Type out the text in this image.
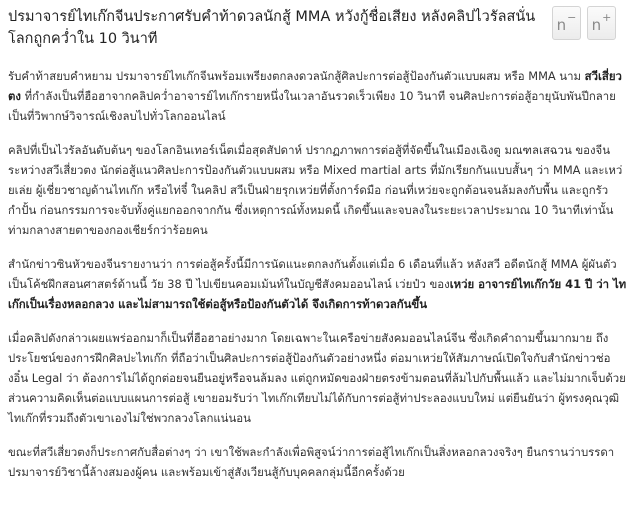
ปรมาจารย์ไทเก๊กจีนประกาศรับคำท้าดวลนักสู้ MMA หวังกู้ชื่อเสียง หลังคลิปไวรัลสนั่นโลกถูกคว่ำใน 10 วินาที
n − n +

รับคำท้าสยบคำหยาม ปรมาจารย์ไทเก๊กจีนพร้อมเพรียงตกลงดวลนักสู้ศิลปะการต่อสู้ป้องกันตัวแบบผสม หรือ MMA นาม สวีเสี่ยวตง ที่กำลังเป็นที่ฮือฮาจากคลิปคว่ำอาจารย์ไทเก๊กรายหนึ่งในเวลาอันรวดเร็วเพียง 10 วินาที จนศิลปะการต่อสู้อายุนับพันปีกลายเป็นที่วิพากษ์วิจารณ์เชิงลบไปทั่วโลกออนไลน์

คลิปที่เป็นไวรัลอันดับต้นๆ ของโลกอินเทอร์เน็ตเมื่อสุดสัปดาห์ ปรากฏภาพการต่อสู้ที่จัดขึ้นในเมืองเฉิงตู มณฑลเสฉวน ของจีน ระหว่างสวีเสี่ยวตง นักต่อสู้แนวศิลปะการป้องกันตัวแบบผสม หรือ Mixed martial arts ที่มักเรียกกันแบบสั้นๆ ว่า MMA และเหว่ยเล่ย ผู้เชี่ยวชาญด้านไทเก๊ก หรือไท่จี๋ ในคลิป สวีเป็นฝ่ายรุกเหว่ยที่ตั้งการ์ดมือ ก่อนที่เหว่ยจะถูกต้อนจนล้มลงกับพื้น และถูกรัวกำปั้น ก่อนกรรมการจะจับทั้งคู่แยกออกจากกัน ซึ่งเหตุการณ์ทั้งหมดนี้ เกิดขึ้นและจบลงในระยะเวลาประมาณ 10 วินาทีเท่านั้น ท่ามกลางสายตาของกองเชียร์กว่าร้อยคน

สำนักข่าวซินหัวของจีนรายงานว่า การต่อสู้ครั้งนี้มีการนัดแนะตกลงกันตั้งแต่เมื่อ 6 เดือนที่แล้ว หลังสวี อดีตนักสู้ MMA ผู้ผันตัวเป็นโค้ชฝึกสอนศาสตร์ด้านนี้ วัย 38 ปี ไปเขียนคอมเม้นท์ในบัญชีสังคมออนไลน์ เว่ยป๋ว ของเหว่ย อาจารย์ไทเก๊กวัย 41 ปี ว่า ไทเก๊กเป็นเรื่องหลอกลวง และไม่สามารถใช้ต่อสู้หรือป้องกันตัวได้ จึงเกิดการท้าดวลกันขึ้น

เมื่อคลิปดังกล่าวเผยแพร่ออกมาก็เป็นที่ฮือฮาอย่างมาก โดยเฉพาะในเครือข่ายสังคมออนไลน์จีน ซึ่งเกิดคำถามขึ้นมากมาย ถึงประโยชน์ของการฝึกศิลปะไทเก๊ก ที่ถือว่าเป็นศิลปะการต่อสู้ป้องกันตัวอย่างหนึ่ง ต่อมาเหว่ยให้สัมภาษณ์เปิดใจกับสำนักข่าวช่องอิ๋น Legal ว่า ต้องการไม่ได้ถูกต่อยจนยืนอยู่หรือจนล้มลง แต่ถูกหมัดของฝ่ายตรงข้ามตอนที่ล้มไปกับพื้นแล้ว และไม่มากเจ็บด้วย ส่วนความคิดเห็นต่อแบบแผนการต่อสู้ เขายอมรับว่า ไทเก๊กเทียบไม่ได้กับการต่อสู้ท่าประลองแบบใหม่ แต่ยืนยันว่า ผู้ทรงคุณวุฒิไทเก๊กที่รวมถึงตัวเขาเองไม่ใช่พวกลวงโลกแน่นอน

ขณะที่สวีเสี่ยวตงก็ประกาศกับสื่อต่างๆ ว่า เขาใช้พละกำลังเพื่อพิสูจน์ว่าการต่อสู้ไทเก๊กเป็นสิ่งหลอกลวงจริงๆ ยืนกรานว่าบรรดาปรมาจารย์วิชานี้ล้างสมองผู้คน และพร้อมเข้าสู่สังเวียนสู้กับบุคคลกลุ่มนี้อีกครั้งด้วย
